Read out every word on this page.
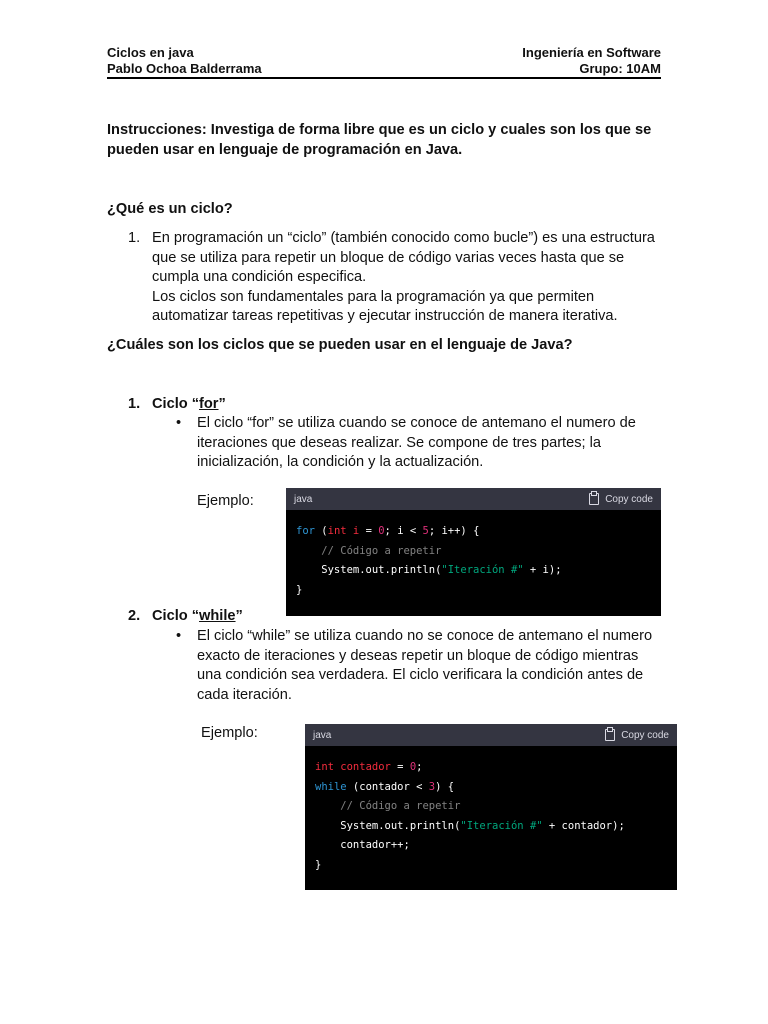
Ciclos en java	Ingeniería en Software
Pablo Ochoa Balderrama	Grupo: 10AM
Instrucciones: Investiga de forma libre que es un ciclo y cuales son los que se pueden usar en lenguaje de programación en Java.
¿Qué es un ciclo?
1. En programación un “ciclo” (también conocido como bucle”) es una estructura que se utiliza para repetir un bloque de código varias veces hasta que se cumpla una condición especifica.
Los ciclos son fundamentales para la programación ya que permiten automatizar tareas repetitivas y ejecutar instrucción de manera iterativa.
¿Cuáles son los ciclos que se pueden usar en el lenguaje de Java?
1. Ciclo “for”
• El ciclo “for” se utiliza cuando se conoce de antemano el numero de iteraciones que deseas realizar. Se compone de tres partes; la inicialización, la condición y la actualización.
Ejemplo:	java	Copy code
for (int i = 0; i < 5; i++) {
// Código a repetir
System.out.println("Iteración #" + i);
}
2. Ciclo “while”
• El ciclo “while” se utiliza cuando no se conoce de antemano el numero exacto de iteraciones y deseas repetir un bloque de código mientras una condición sea verdadera. El ciclo verificara la condición antes de cada iteración.
Ejemplo:	java	Copy code
int contador = 0;
while (contador < 3) {
// Código a repetir
System.out.println("Iteración #" + contador);
contador++;
}
